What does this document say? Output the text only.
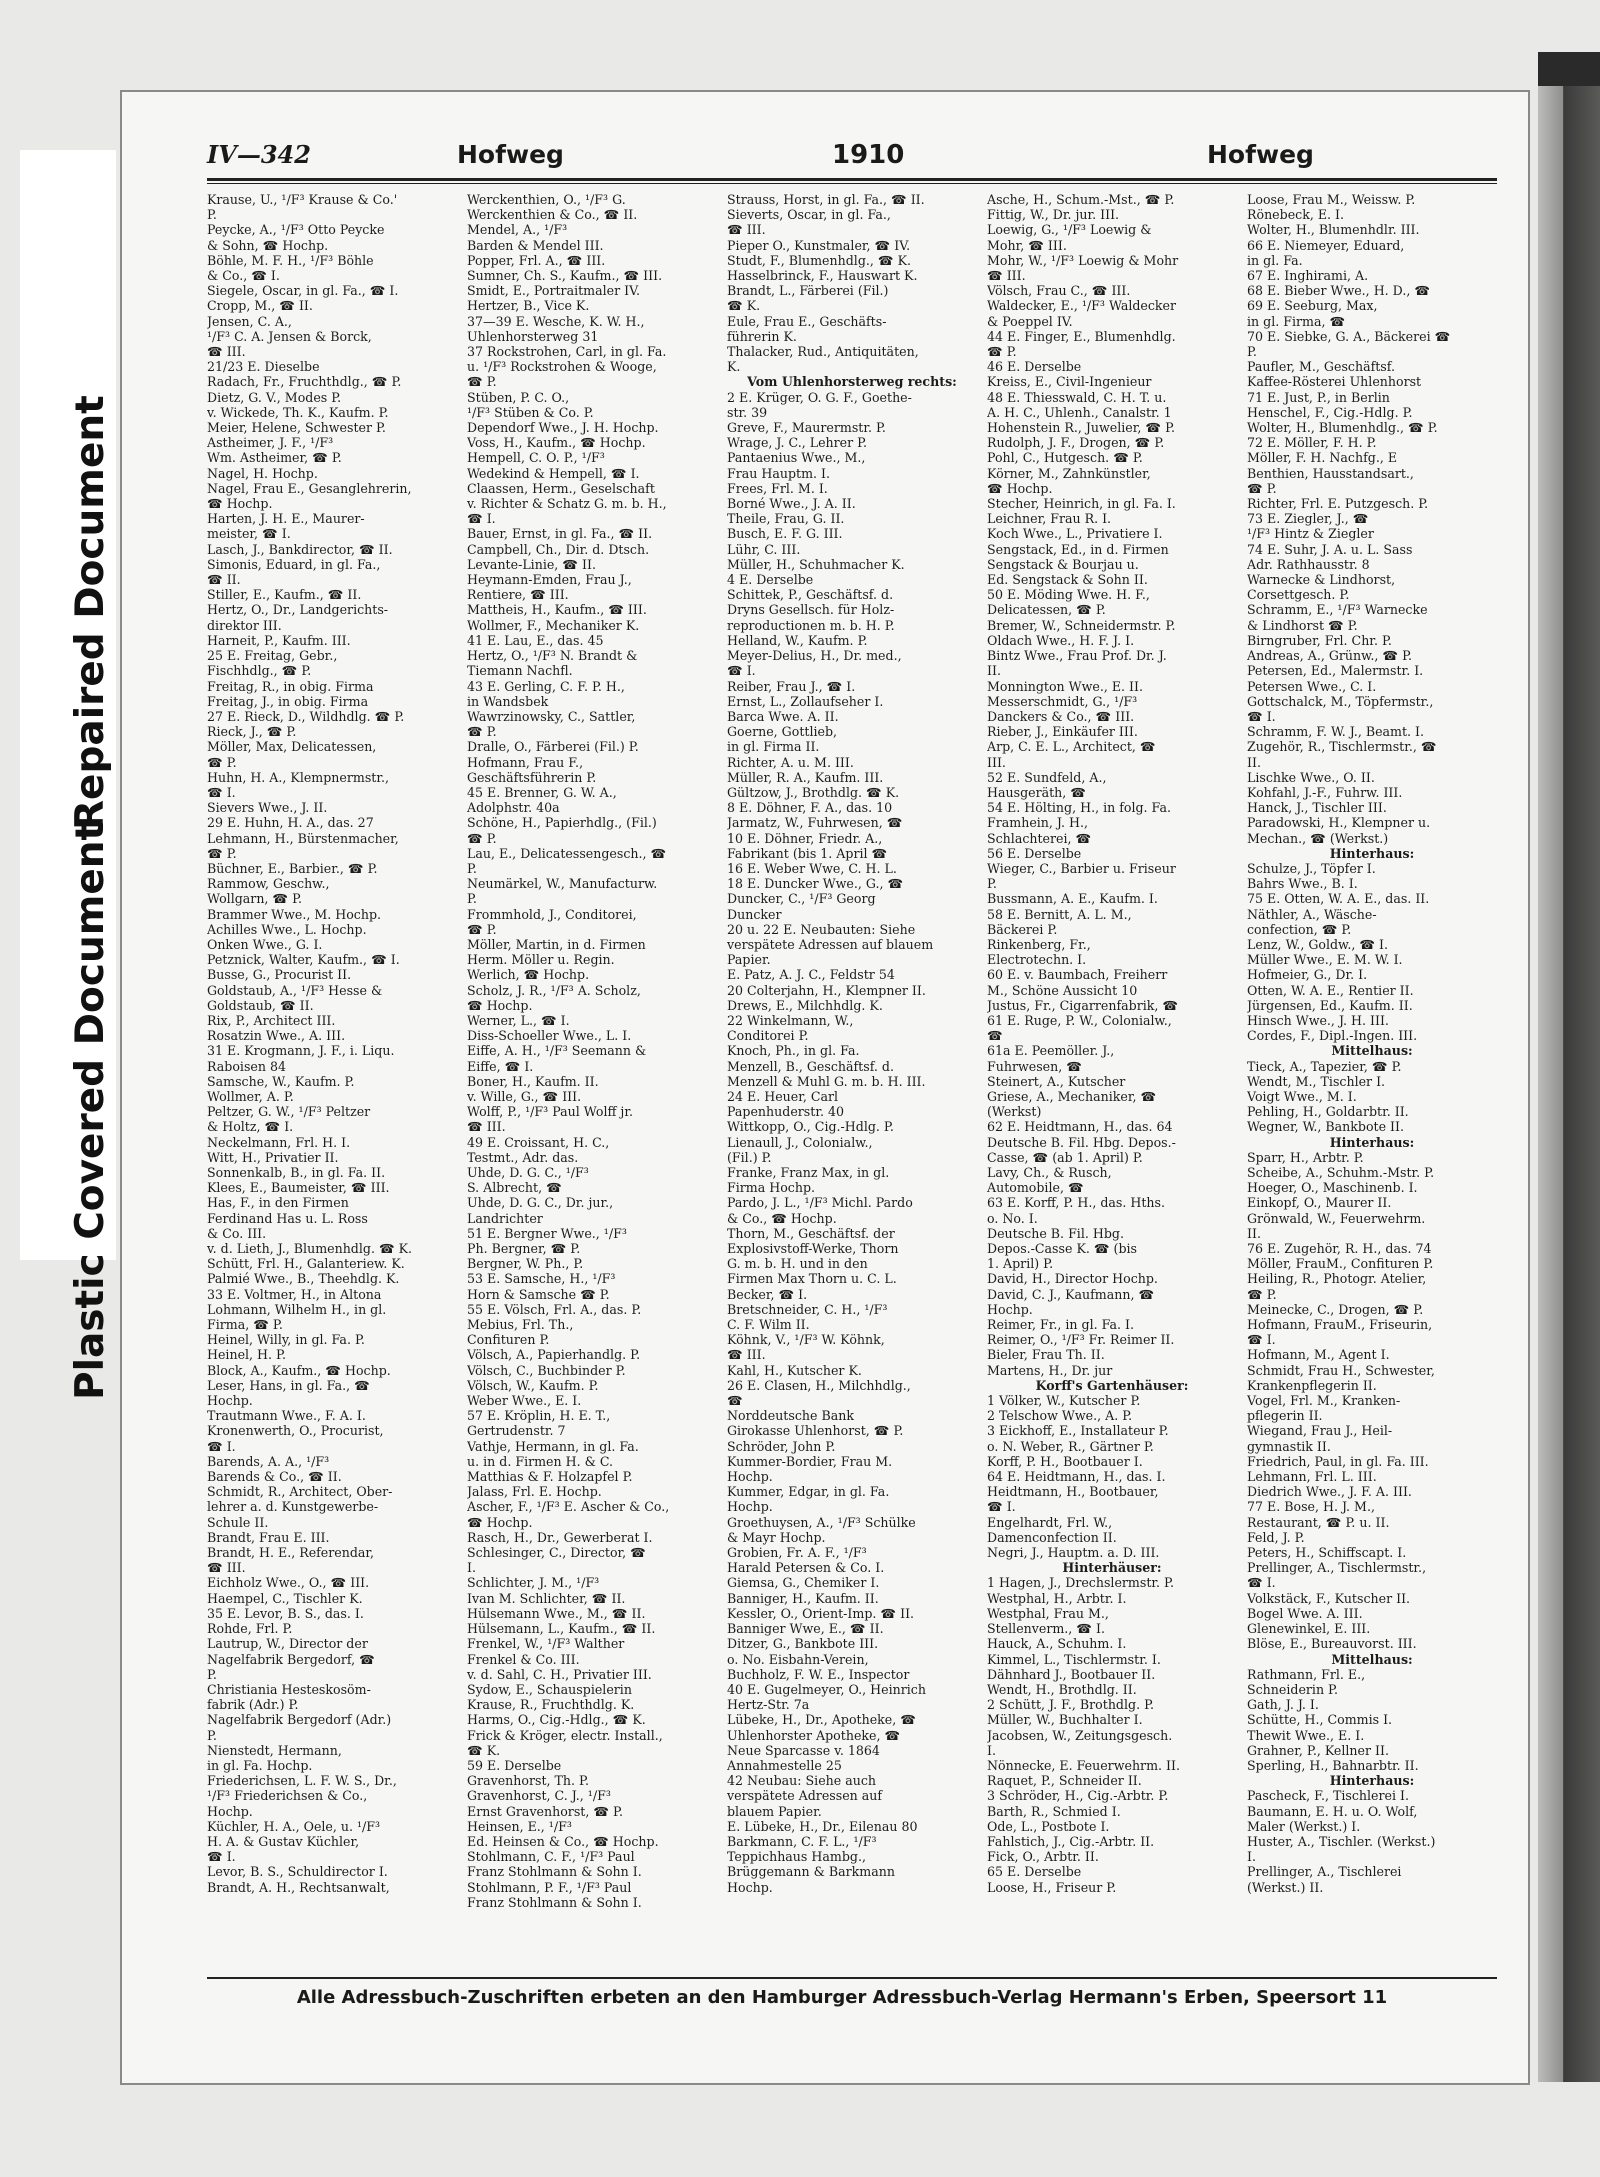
Plastic Covered Document
Repaired Document
IV—342	Hofweg	1910	Hofweg
Krause, U., ¹/F³ Krause & Co.'
P.
Peycke, A., ¹/F³ Otto Peycke
& Sohn, ☎ Hochp.
Böhle, M. F. H., ¹/F³ Böhle
& Co., ☎ I.
Siegele, Oscar, in gl. Fa., ☎ I.
Cropp, M., ☎ II.
Jensen, C. A.,
¹/F³ C. A. Jensen & Borck,
☎ III.
21/23 E. Dieselbe
Radach, Fr., Fruchthdlg., ☎ P.
Dietz, G. V., Modes P.
v. Wickede, Th. K., Kaufm. P.
Meier, Helene, Schwester P.
Astheimer, J. F., ¹/F³
Wm. Astheimer, ☎ P.
Nagel, H. Hochp.
Nagel, Frau E., Gesanglehrerin,
☎ Hochp.
Harten, J. H. E., Maurer-
meister, ☎ I.
Lasch, J., Bankdirector, ☎ II.
Simonis, Eduard, in gl. Fa.,
☎ II.
Stiller, E., Kaufm., ☎ II.
Hertz, O., Dr., Landgerichts-
direktor III.
Harneit, P., Kaufm. III.
25 E. Freitag, Gebr.,
Fischhdlg., ☎ P.
Freitag, R., in obig. Firma
Freitag, J., in obig. Firma
27 E. Rieck, D., Wildhdlg. ☎ P.
Rieck, J., ☎ P.
Möller, Max, Delicatessen,
☎ P.
Huhn, H. A., Klempnermstr.,
☎ I.
Sievers Wwe., J. II.
29 E. Huhn, H. A., das. 27
Lehmann, H., Bürstenmacher,
☎ P.
Büchner, E., Barbier., ☎ P.
Rammow, Geschw.,
Wollgarn, ☎ P.
Brammer Wwe., M. Hochp.
Achilles Wwe., L. Hochp.
Onken Wwe., G. I.
Petznick, Walter, Kaufm., ☎ I.
Busse, G., Procurist II.
Goldstaub, A., ¹/F³ Hesse &
Goldstaub, ☎ II.
Rix, P., Architect III.
Rosatzin Wwe., A. III.
31 E. Krogmann, J. F., i. Liqu.
Raboisen 84
Samsche, W., Kaufm. P.
Wollmer, A. P.
Peltzer, G. W., ¹/F³ Peltzer
& Holtz, ☎ I.
Neckelmann, Frl. H. I.
Witt, H., Privatier II.
Sonnenkalb, B., in gl. Fa. II.
Klees, E., Baumeister, ☎ III.
Has, F., in den Firmen
Ferdinand Has u. L. Ross
& Co. III.
v. d. Lieth, J., Blumenhdlg. ☎ K.
Schütt, Frl. H., Galanteriew. K.
Palmié Wwe., B., Theehdlg. K.
33 E. Voltmer, H., in Altona
Lohmann, Wilhelm H., in gl.
Firma, ☎ P.
Heinel, Willy, in gl. Fa. P.
Heinel, H. P.
Block, A., Kaufm., ☎ Hochp.
Leser, Hans, in gl. Fa., ☎
Hochp.
Trautmann Wwe., F. A. I.
Kronenwerth, O., Procurist,
☎ I.
Barends, A. A., ¹/F³
Barends & Co., ☎ II.
Schmidt, R., Architect, Ober-
lehrer a. d. Kunstgewerbe-
Schule II.
Brandt, Frau E. III.
Brandt, H. E., Referendar,
☎ III.
Eichholz Wwe., O., ☎ III.
Haempel, C., Tischler K.
35 E. Levor, B. S., das. I.
Rohde, Frl. P.
Lautrup, W., Director der
Nagelfabrik Bergedorf, ☎
P.
Christiania Hesteskosöm-
fabrik (Adr.) P.
Nagelfabrik Bergedorf (Adr.)
P.
Nienstedt, Hermann,
in gl. Fa. Hochp.
Friederichsen, L. F. W. S., Dr.,
¹/F³ Friederichsen & Co.,
Hochp.
Küchler, H. A., Oele, u. ¹/F³
H. A. & Gustav Küchler,
☎ I.
Levor, B. S., Schuldirector I.
Brandt, A. H., Rechtsanwalt,
Werckenthien, O., ¹/F³ G.
Werckenthien & Co., ☎ II.
Mendel, A., ¹/F³
Barden & Mendel III.
Popper, Frl. A., ☎ III.
Sumner, Ch. S., Kaufm., ☎ III.
Smidt, E., Portraitmaler IV.
Hertzer, B., Vice K.
37—39 E. Wesche, K. W. H.,
Uhlenhorsterweg 31
37 Rockstrohen, Carl, in gl. Fa.
u. ¹/F³ Rockstrohen & Wooge,
☎ P.
Stüben, P. C. O.,
¹/F³ Stüben & Co. P.
Dependorf Wwe., J. H. Hochp.
Voss, H., Kaufm., ☎ Hochp.
Hempell, C. O. P., ¹/F³
Wedekind & Hempell, ☎ I.
Claassen, Herm., Geselschaft
v. Richter & Schatz G. m. b. H.,
☎ I.
Bauer, Ernst, in gl. Fa., ☎ II.
Campbell, Ch., Dir. d. Dtsch.
Levante-Linie, ☎ II.
Heymann-Emden, Frau J.,
Rentiere, ☎ III.
Mattheis, H., Kaufm., ☎ III.
Wollmer, F., Mechaniker K.
41 E. Lau, E., das. 45
Hertz, O., ¹/F³ N. Brandt &
Tiemann Nachfl.
43 E. Gerling, C. F. P. H.,
in Wandsbek
Wawrzinowsky, C., Sattler,
☎ P.
Dralle, O., Färberei (Fil.) P.
Hofmann, Frau F.,
Geschäftsführerin P.
45 E. Brenner, G. W. A.,
Adolphstr. 40a
Schöne, H., Papierhdlg., (Fil.)
☎ P.
Lau, E., Delicatessengesch., ☎
P.
Neumärkel, W., Manufacturw.
P.
Frommhold, J., Conditorei,
☎ P.
Möller, Martin, in d. Firmen
Herm. Möller u. Regin.
Werlich, ☎ Hochp.
Scholz, J. R., ¹/F³ A. Scholz,
☎ Hochp.
Werner, L., ☎ I.
Diss-Schoeller Wwe., L. I.
Eiffe, A. H., ¹/F³ Seemann &
Eiffe, ☎ I.
Boner, H., Kaufm. II.
v. Wille, G., ☎ III.
Wolff, P., ¹/F³ Paul Wolff jr.
☎ III.
49 E. Croissant, H. C.,
Testmt., Adr. das.
Uhde, D. G. C., ¹/F³
S. Albrecht, ☎
Uhde, D. G. C., Dr. jur.,
Landrichter
51 E. Bergner Wwe., ¹/F³
Ph. Bergner, ☎ P.
Bergner, W. Ph., P.
53 E. Samsche, H., ¹/F³
Horn & Samsche ☎ P.
55 E. Völsch, Frl. A., das. P.
Mebius, Frl. Th.,
Confituren P.
Völsch, A., Papierhandlg. P.
Völsch, C., Buchbinder P.
Völsch, W., Kaufm. P.
Weber Wwe., E. I.
57 E. Kröplin, H. E. T.,
Gertrudenstr. 7
Vathje, Hermann, in gl. Fa.
u. in d. Firmen H. & C.
Matthias & F. Holzapfel P.
Jalass, Frl. E. Hochp.
Ascher, F., ¹/F³ E. Ascher & Co.,
☎ Hochp.
Rasch, H., Dr., Gewerberat I.
Schlesinger, C., Director, ☎
I.
Schlichter, J. M., ¹/F³
Ivan M. Schlichter, ☎ II.
Hülsemann Wwe., M., ☎ II.
Hülsemann, L., Kaufm., ☎ II.
Frenkel, W., ¹/F³ Walther
Frenkel & Co. III.
v. d. Sahl, C. H., Privatier III.
Sydow, E., Schauspielerin
Krause, R., Fruchthdlg. K.
Harms, O., Cig.-Hdlg., ☎ K.
Frick & Kröger, electr. Install.,
☎ K.
59 E. Derselbe
Gravenhorst, Th. P.
Gravenhorst, C. J., ¹/F³
Ernst Gravenhorst, ☎ P.
Heinsen, E., ¹/F³
Ed. Heinsen & Co., ☎ Hochp.
Stohlmann, C. F., ¹/F³ Paul
Franz Stohlmann & Sohn I.
Stohlmann, P. F., ¹/F³ Paul
Franz Stohlmann & Sohn I.
Strauss, Horst, in gl. Fa., ☎ II.
Sieverts, Oscar, in gl. Fa.,
☎ III.
Pieper O., Kunstmaler, ☎ IV.
Studt, F., Blumenhdlg., ☎ K.
Hasselbrinck, F., Hauswart K.
Brandt, L., Färberei (Fil.)
☎ K.
Eule, Frau E., Geschäfts-
führerin K.
Thalacker, Rud., Antiquitäten,
K.
Vom Uhlenhorsterweg rechts:
2 E. Krüger, O. G. F., Goethe-
str. 39
Greve, F., Maurermstr. P.
Wrage, J. C., Lehrer P.
Pantaenius Wwe., M.,
Frau Hauptm. I.
Frees, Frl. M. I.
Borné Wwe., J. A. II.
Theile, Frau, G. II.
Busch, E. F. G. III.
Lühr, C. III.
Müller, H., Schuhmacher K.
4 E. Derselbe
Schittek, P., Geschäftsf. d.
Dryns Gesellsch. für Holz-
reproductionen m. b. H. P.
Helland, W., Kaufm. P.
Meyer-Delius, H., Dr. med.,
☎ I.
Reiber, Frau J., ☎ I.
Ernst, L., Zollaufseher I.
Barca Wwe. A. II.
Goerne, Gottlieb,
in gl. Firma II.
Richter, A. u. M. III.
Müller, R. A., Kaufm. III.
Gültzow, J., Brothdlg. ☎ K.
8 E. Döhner, F. A., das. 10
Jarmatz, W., Fuhrwesen, ☎
10 E. Döhner, Friedr. A.,
Fabrikant (bis 1. April ☎
16 E. Weber Wwe, C. H. L.
18 E. Duncker Wwe., G., ☎
Duncker, C., ¹/F³ Georg
Duncker
20 u. 22 E. Neubauten: Siehe
verspätete Adressen auf blauem
Papier.
E. Patz, A. J. C., Feldstr 54
20 Colterjahn, H., Klempner II.
Drews, E., Milchhdlg. K.
22 Winkelmann, W.,
Conditorei P.
Knoch, Ph., in gl. Fa.
Menzell, B., Geschäftsf. d.
Menzell & Muhl G. m. b. H. III.
24 E. Heuer, Carl
Papenhuderstr. 40
Wittkopp, O., Cig.-Hdlg. P.
Lienaull, J., Colonialw.,
(Fil.) P.
Franke, Franz Max, in gl.
Firma Hochp.
Pardo, J. L., ¹/F³ Michl. Pardo
& Co., ☎ Hochp.
Thorn, M., Geschäftsf. der
Explosivstoff-Werke, Thorn
G. m. b. H. und in den
Firmen Max Thorn u. C. L.
Becker, ☎ I.
Bretschneider, C. H., ¹/F³
C. F. Wilm II.
Köhnk, V., ¹/F³ W. Köhnk,
☎ III.
Kahl, H., Kutscher K.
26 E. Clasen, H., Milchhdlg.,
☎
Norddeutsche Bank
Girokasse Uhlenhorst, ☎ P.
Schröder, John P.
Kummer-Bordier, Frau M.
Hochp.
Kummer, Edgar, in gl. Fa.
Hochp.
Groethuysen, A., ¹/F³ Schülke
& Mayr Hochp.
Grobien, Fr. A. F., ¹/F³
Harald Petersen & Co. I.
Giemsa, G., Chemiker I.
Banniger, H., Kaufm. II.
Kessler, O., Orient-Imp. ☎ II.
Banniger Wwe, E., ☎ II.
Ditzer, G., Bankbote III.
o. No. Eisbahn-Verein,
Buchholz, F. W. E., Inspector
40 E. Gugelmeyer, O., Heinrich
Hertz-Str. 7a
Lübeke, H., Dr., Apotheke, ☎
Uhlenhorster Apotheke, ☎
Neue Sparcasse v. 1864
Annahmestelle 25
42 Neubau: Siehe auch
verspätete Adressen auf
blauem Papier.
E. Lübeke, H., Dr., Eilenau 80
Barkmann, C. F. L., ¹/F³
Teppichhaus Hambg.,
Brüggemann & Barkmann
Hochp.
Asche, H., Schum.-Mst., ☎ P.
Fittig, W., Dr. jur. III.
Loewig, G., ¹/F³ Loewig &
Mohr, ☎ III.
Mohr, W., ¹/F³ Loewig & Mohr
☎ III.
Völsch, Frau C., ☎ III.
Waldecker, E., ¹/F³ Waldecker
& Poeppel IV.
44 E. Finger, E., Blumenhdlg.
☎ P.
46 E. Derselbe
Kreiss, E., Civil-Ingenieur
48 E. Thiesswald, C. H. T. u.
A. H. C., Uhlenh., Canalstr. 1
Hohenstein R., Juwelier, ☎ P.
Rudolph, J. F., Drogen, ☎ P.
Pohl, C., Hutgesch. ☎ P.
Körner, M., Zahnkünstler,
☎ Hochp.
Stecher, Heinrich, in gl. Fa. I.
Leichner, Frau R. I.
Koch Wwe., L., Privatiere I.
Sengstack, Ed., in d. Firmen
Sengstack & Bourjau u.
Ed. Sengstack & Sohn II.
50 E. Möding Wwe. H. F.,
Delicatessen, ☎ P.
Bremer, W., Schneidermstr. P.
Oldach Wwe., H. F. J. I.
Bintz Wwe., Frau Prof. Dr. J.
II.
Monnington Wwe., E. II.
Messerschmidt, G., ¹/F³
Danckers & Co., ☎ III.
Rieber, J., Einkäufer III.
Arp, C. E. L., Architect, ☎
III.
52 E. Sundfeld, A.,
Hausgeräth, ☎
54 E. Hölting, H., in folg. Fa.
Framhein, J. H.,
Schlachterei, ☎
56 E. Derselbe
Wieger, C., Barbier u. Friseur
P.
Bussmann, A. E., Kaufm. I.
58 E. Bernitt, A. L. M.,
Bäckerei P.
Rinkenberg, Fr.,
Electrotechn. I.
60 E. v. Baumbach, Freiherr
M., Schöne Aussicht 10
Justus, Fr., Cigarrenfabrik, ☎
61 E. Ruge, P. W., Colonialw.,
☎
61a E. Peemöller. J.,
Fuhrwesen, ☎
Steinert, A., Kutscher
Griese, A., Mechaniker, ☎
(Werkst)
62 E. Heidtmann, H., das. 64
Deutsche B. Fil. Hbg. Depos.-
Casse, ☎ (ab 1. April) P.
Lavy, Ch., & Rusch,
Automobile, ☎
63 E. Korff, P. H., das. Hths.
o. No. I.
Deutsche B. Fil. Hbg.
Depos.-Casse K. ☎ (bis
1. April) P.
David, H., Director Hochp.
David, C. J., Kaufmann, ☎
Hochp.
Reimer, Fr., in gl. Fa. I.
Reimer, O., ¹/F³ Fr. Reimer II.
Bieler, Frau Th. II.
Martens, H., Dr. jur
Korff's Gartenhäuser:
1 Völker, W., Kutscher P.
2 Telschow Wwe., A. P.
3 Eickhoff, E., Installateur P.
o. N. Weber, R., Gärtner P.
Korff, P. H., Bootbauer I.
64 E. Heidtmann, H., das. I.
Heidtmann, H., Bootbauer,
☎ I.
Engelhardt, Frl. W.,
Damenconfection II.
Negri, J., Hauptm. a. D. III.
Hinterhäuser:
1 Hagen, J., Drechslermstr. P.
Westphal, H., Arbtr. I.
Westphal, Frau M.,
Stellenverm., ☎ I.
Hauck, A., Schuhm. I.
Kimmel, L., Tischlermstr. I.
Dähnhard J., Bootbauer II.
Wendt, H., Brothdlg. II.
2 Schütt, J. F., Brothdlg. P.
Müller, W., Buchhalter I.
Jacobsen, W., Zeitungsgesch.
I.
Nönnecke, E. Feuerwehrm. II.
Raquet, P., Schneider II.
3 Schröder, H., Cig.-Arbtr. P.
Barth, R., Schmied I.
Ode, L., Postbote I.
Fahlstich, J., Cig.-Arbtr. II.
Fick, O., Arbtr. II.
65 E. Derselbe
Loose, H., Friseur P.
Loose, Frau M., Weissw. P.
Rönebeck, E. I.
Wolter, H., Blumenhdlr. III.
66 E. Niemeyer, Eduard,
in gl. Fa.
67 E. Inghirami, A.
68 E. Bieber Wwe., H. D., ☎
69 E. Seeburg, Max,
in gl. Firma, ☎
70 E. Siebke, G. A., Bäckerei ☎
P.
Paufler, M., Geschäftsf.
Kaffee-Rösterei Uhlenhorst
71 E. Just, P., in Berlin
Henschel, F., Cig.-Hdlg. P.
Wolter, H., Blumenhdlg., ☎ P.
72 E. Möller, F. H. P.
Möller, F. H. Nachfg., E
Benthien, Hausstandsart.,
☎ P.
Richter, Frl. E. Putzgesch. P.
73 E. Ziegler, J., ☎
¹/F³ Hintz & Ziegler
74 E. Suhr, J. A. u. L. Sass
Adr. Rathhausstr. 8
Warnecke & Lindhorst,
Corsettgesch. P.
Schramm, E., ¹/F³ Warnecke
& Lindhorst ☎ P.
Birngruber, Frl. Chr. P.
Andreas, A., Grünw., ☎ P.
Petersen, Ed., Malermstr. I.
Petersen Wwe., C. I.
Gottschalck, M., Töpfermstr.,
☎ I.
Schramm, F. W. J., Beamt. I.
Zugehör, R., Tischlermstr., ☎
II.
Lischke Wwe., O. II.
Kohfahl, J.-F., Fuhrw. III.
Hanck, J., Tischler III.
Paradowski, H., Klempner u.
Mechan., ☎ (Werkst.)
Hinterhaus:
Schulze, J., Töpfer I.
Bahrs Wwe., B. I.
75 E. Otten, W. A. E., das. II.
Näthler, A., Wäsche-
confection, ☎ P.
Lenz, W., Goldw., ☎ I.
Müller Wwe., E. M. W. I.
Hofmeier, G., Dr. I.
Otten, W. A. E., Rentier II.
Jürgensen, Ed., Kaufm. II.
Hinsch Wwe., J. H. III.
Cordes, F., Dipl.-Ingen. III.
Mittelhaus:
Tieck, A., Tapezier, ☎ P.
Wendt, M., Tischler I.
Voigt Wwe., M. I.
Pehling, H., Goldarbtr. II.
Wegner, W., Bankbote II.
Hinterhaus:
Sparr, H., Arbtr. P.
Scheibe, A., Schuhm.-Mstr. P.
Hoeger, O., Maschinenb. I.
Einkopf, O., Maurer II.
Grönwald, W., Feuerwehrm.
II.
76 E. Zugehör, R. H., das. 74
Möller, FrauM., Confituren P.
Heiling, R., Photogr. Atelier,
☎ P.
Meinecke, C., Drogen, ☎ P.
Hofmann, FrauM., Friseurin,
☎ I.
Hofmann, M., Agent I.
Schmidt, Frau H., Schwester,
Krankenpflegerin II.
Vogel, Frl. M., Kranken-
pflegerin II.
Wiegand, Frau J., Heil-
gymnastik II.
Friedrich, Paul, in gl. Fa. III.
Lehmann, Frl. L. III.
Diedrich Wwe., J. F. A. III.
77 E. Bose, H. J. M.,
Restaurant, ☎ P. u. II.
Feld, J. P.
Peters, H., Schiffscapt. I.
Prellinger, A., Tischlermstr.,
☎ I.
Volkstäck, F., Kutscher II.
Bogel Wwe. A. III.
Glenewinkel, E. III.
Blöse, E., Bureauvorst. III.
Mittelhaus:
Rathmann, Frl. E.,
Schneiderin P.
Gath, J. J. I.
Schütte, H., Commis I.
Thewit Wwe., E. I.
Grahner, P., Kellner II.
Sperling, H., Bahnarbtr. II.
Hinterhaus:
Pascheck, F., Tischlerei I.
Baumann, E. H. u. O. Wolf,
Maler (Werkst.) I.
Huster, A., Tischler. (Werkst.)
I.
Prellinger, A., Tischlerei
(Werkst.) II.
Alle Adressbuch-Zuschriften erbeten an den Hamburger Adressbuch-Verlag Hermann's Erben, Speersort 11
